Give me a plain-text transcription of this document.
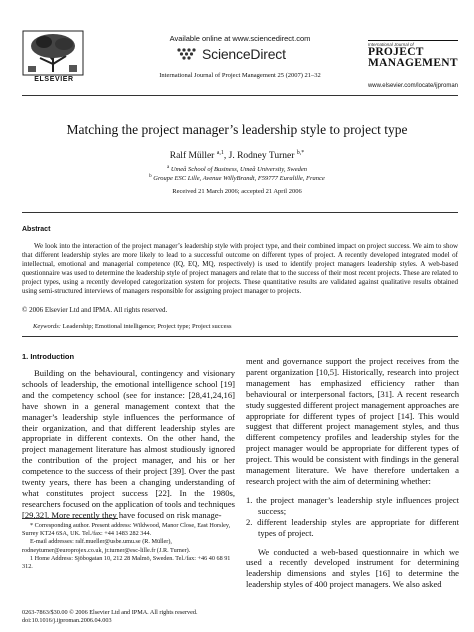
ELSEVIER
Available online at www.sciencedirect.com
ScienceDirect
International Journal of Project Management 25 (2007) 21–32
International Journal of
PROJECT
MANAGEMENT
www.elsevier.com/locate/ijproman
Matching the project manager’s leadership style to project type
Ralf Müller $^{a,1}$, J. Rodney Turner $^{b,*}$
$^a$ Umeå School of Business, Umeå University, Sweden
$^b$ Groupe ESC Lille, Avenue WillyBrandt, F59777 Euralille, France
Received 21 March 2006; accepted 21 April 2006
Abstract
We look into the interaction of the project manager’s leadership style with project type, and their combined impact on project success. We aim to show that different leadership styles are more likely to lead to a successful outcome on different types of project. A recently developed integrated model of intellectual, emotional and managerial competence (IQ, EQ, MQ, respectively) is used to identify project managers leadership styles. A web-based questionnaire was used to determine the leadership style of project managers and relate that to the success of their most recent projects. These are related to project types, using a recently developed categorization system for projects. These quantitative results are validated against qualitative results obtained using semi-structured interviews of managers responsible for assigning project manager to projects.
© 2006 Elsevier Ltd and IPMA. All rights reserved.
Keywords: Leadership; Emotional intelligence; Project type; Project success
1. Introduction

Building on the behavioural, contingency and visionary schools of leadership, the emotional intelligence school [19] and the competency school (see for instance: [28,41,24,16] have shown in a general management context that the manager’s leadership style influences the performance of their organization, and that different leadership styles are appropriate in different contexts. On the other hand, the project management literature has almost studiously ignored the contribution of the project manager, and his or her competence to the success of their project [39]. Over the past twenty years, there has been a changing understanding of what constitutes project success [22]. In the 1980s, researchers focused on the application of tools and techniques [29,32]. More recently they have focused on risk manage-

ment and governance support the project receives from the parent organization [10,5]. Historically, research into project management has emphasized efficiency rather than behavioural or interpersonal factors, [31]. A recent research study suggested different project management approaches are appropriate for different types of project [14]. This would suggest that different project management styles, and thus different competency profiles and leadership styles for the project manager would be appropriate for different types of project. This would be consistent with findings in the general management literature. We have therefore undertaken a research project with the aim of determining whether:

1. the project manager’s leadership style influences project success;
2. different leadership styles are appropriate for different types of project.

We conducted a web-based questionnaire in which we used a recently developed instrument for determining leadership dimensions and styles [16] to determine the leadership styles of 400 project managers. We also asked

* Corresponding author. Present address: Wildwood, Manor Close, East Horsley, Surrey KT24 6SA, UK. Tel./fax: +44 1483 282 344.

E-mail addresses: ralf.mueller@usbe.umu.se (R. Müller), rodneyturner@europrojex.co.uk, jr.turner@esc-lille.fr (J.R. Turner).

1 Home Address: Sjöbogatan 10, 212 28 Malmö, Sweden. Tel./fax: +46 40 68 91 312.

0263-7863/$30.00 © 2006 Elsevier Ltd and IPMA. All rights reserved.
doi:10.1016/j.ijproman.2006.04.003
